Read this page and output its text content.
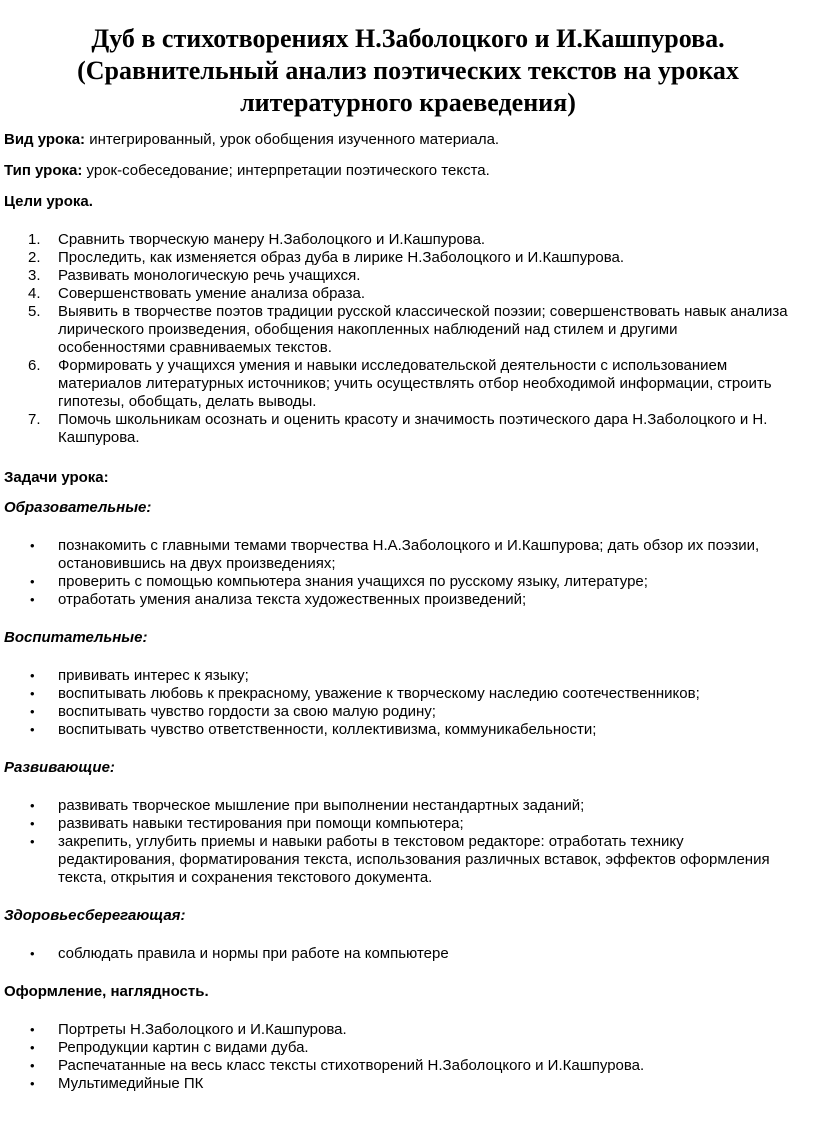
Дуб в стихотворениях Н.Заболоцкого и И.Кашпурова.
(Сравнительный анализ поэтических текстов на уроках
литературного краеведения)

Вид урока: интегрированный, урок обобщения изученного материала.

Тип урока: урок-собеседование; интерпретации поэтического текста.

Цели урока.

1. Сравнить творческую манеру Н.Заболоцкого и И.Кашпурова.
2. Проследить, как изменяется образ дуба в лирике Н.Заболоцкого и И.Кашпурова.
3. Развивать монологическую речь учащихся.
4. Совершенствовать умение анализа образа.
5. Выявить в творчестве поэтов традиции русской классической поэзии; совершенствовать навык анализа лирического произведения, обобщения накопленных наблюдений над стилем и другими особенностями сравниваемых текстов.
6. Формировать у учащихся умения и навыки исследовательской деятельности с использованием материалов литературных источников; учить осуществлять отбор необходимой информации, строить гипотезы, обобщать, делать выводы.
7. Помочь школьникам осознать и оценить красоту и значимость поэтического дара Н.Заболоцкого и Н. Кашпурова.

Задачи урока:

Образовательные:

• познакомить с главными темами творчества Н.А.Заболоцкого и И.Кашпурова; дать обзор их поэзии, остановившись на двух произведениях;
• проверить с помощью компьютера знания учащихся по русскому языку, литературе;
• отработать умения анализа текста художественных произведений;

Воспитательные:

• прививать интерес к языку;
• воспитывать любовь к прекрасному, уважение к творческому наследию соотечественников;
• воспитывать чувство гордости за свою малую родину;
• воспитывать чувство ответственности, коллективизма, коммуникабельности;

Развивающие:

• развивать творческое мышление при выполнении нестандартных заданий;
• развивать навыки тестирования при помощи компьютера;
• закрепить, углубить приемы и навыки работы в текстовом редакторе: отработать технику редактирования, форматирования текста, использования различных вставок, эффектов оформления текста, открытия и сохранения текстового документа.

Здоровьесберегающая:

• соблюдать правила и нормы при работе на компьютере

Оформление, наглядность.

• Портреты Н.Заболоцкого и И.Кашпурова.
• Репродукции картин с видами дуба.
• Распечатанные на весь класс тексты стихотворений Н.Заболоцкого и И.Кашпурова.
• Мультимедийные ПК
